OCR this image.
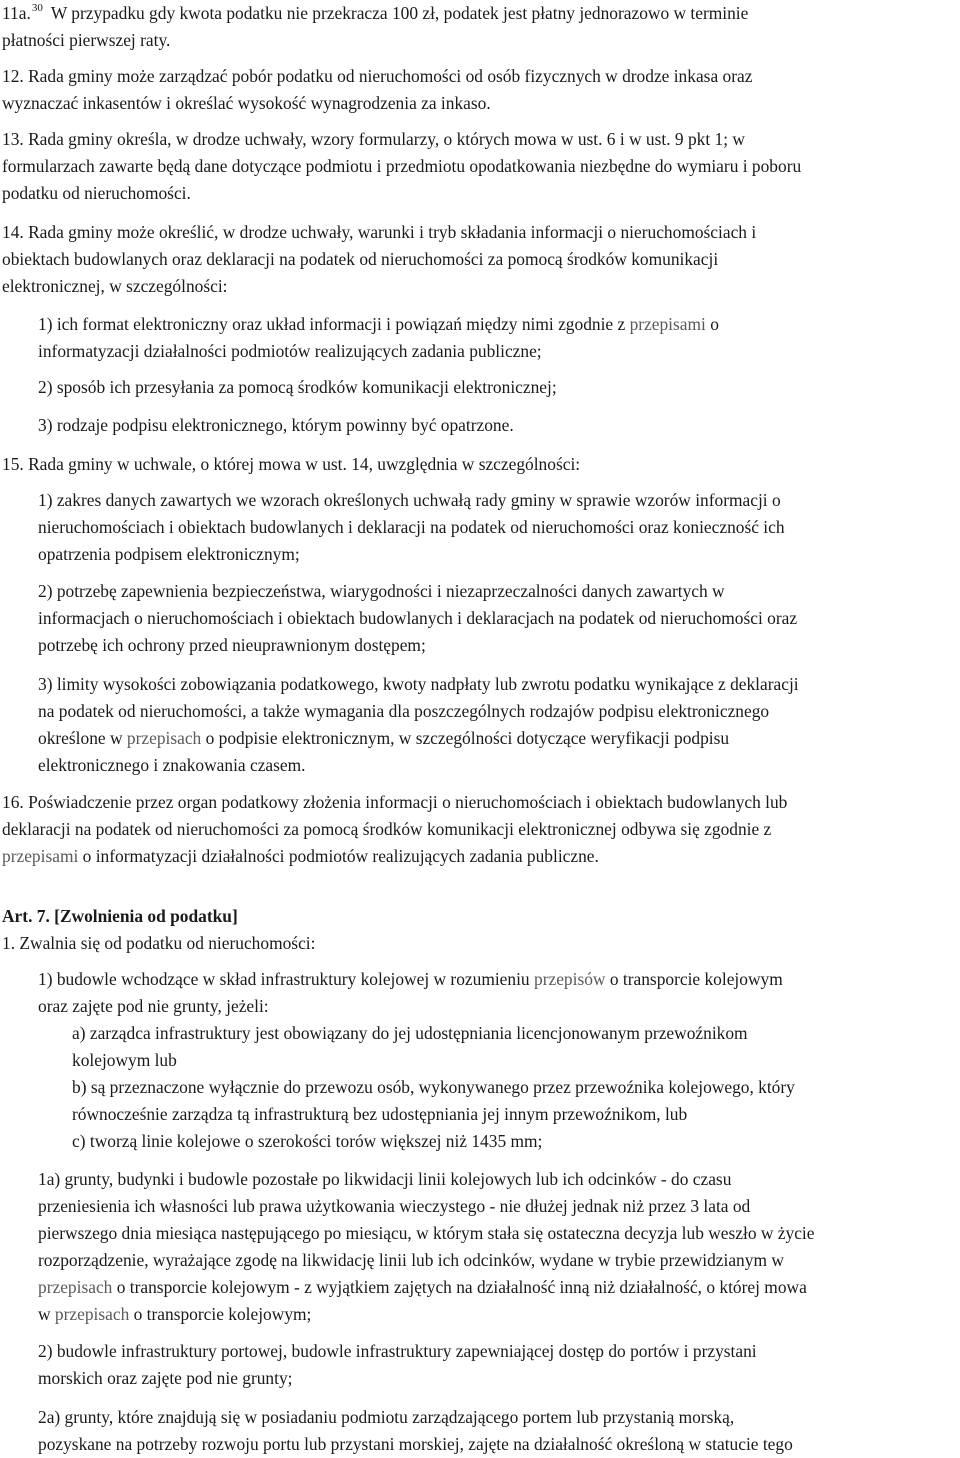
11a.$^{30}$ W przypadku gdy kwota podatku nie przekracza 100 zł, podatek jest płatny jednorazowo w terminie
płatności pierwszej raty.
12. Rada gminy może zarządzać pobór podatku od nieruchomości od osób fizycznych w drodze inkasa oraz
wyznaczać inkasentów i określać wysokość wynagrodzenia za inkaso.
13. Rada gminy określa, w drodze uchwały, wzory formularzy, o których mowa w ust. 6 i w ust. 9 pkt 1; w
formularzach zawarte będą dane dotyczące podmiotu i przedmiotu opodatkowania niezbędne do wymiaru i poboru
podatku od nieruchomości.
14. Rada gminy może określić, w drodze uchwały, warunki i tryb składania informacji o nieruchomościach i
obiektach budowlanych oraz deklaracji na podatek od nieruchomości za pomocą środków komunikacji
elektronicznej, w szczególności:
1) ich format elektroniczny oraz układ informacji i powiązań między nimi zgodnie z przepisami o
informatyzacji działalności podmiotów realizujących zadania publiczne;
2) sposób ich przesyłania za pomocą środków komunikacji elektronicznej;
3) rodzaje podpisu elektronicznego, którym powinny być opatrzone.
15. Rada gminy w uchwale, o której mowa w ust. 14, uwzględnia w szczególności:
1) zakres danych zawartych we wzorach określonych uchwałą rady gminy w sprawie wzorów informacji o
nieruchomościach i obiektach budowlanych i deklaracji na podatek od nieruchomości oraz konieczność ich
opatrzenia podpisem elektronicznym;
2) potrzebę zapewnienia bezpieczeństwa, wiarygodności i niezaprzeczalności danych zawartych w
informacjach o nieruchomościach i obiektach budowlanych i deklaracjach na podatek od nieruchomości oraz
potrzebę ich ochrony przed nieuprawnionym dostępem;
3) limity wysokości zobowiązania podatkowego, kwoty nadpłaty lub zwrotu podatku wynikające z deklaracji
na podatek od nieruchomości, a także wymagania dla poszczególnych rodzajów podpisu elektronicznego
określone w przepisach o podpisie elektronicznym, w szczególności dotyczące weryfikacji podpisu
elektronicznego i znakowania czasem.
16. Poświadczenie przez organ podatkowy złożenia informacji o nieruchomościach i obiektach budowlanych lub
deklaracji na podatek od nieruchomości za pomocą środków komunikacji elektronicznej odbywa się zgodnie z
przepisami o informatyzacji działalności podmiotów realizujących zadania publiczne.
Art. 7. [Zwolnienia od podatku]
1. Zwalnia się od podatku od nieruchomości:
1) budowle wchodzące w skład infrastruktury kolejowej w rozumieniu przepisów o transporcie kolejowym
oraz zajęte pod nie grunty, jeżeli:
a) zarządca infrastruktury jest obowiązany do jej udostępniania licencjonowanym przewoźnikom
kolejowym lub
b) są przeznaczone wyłącznie do przewozu osób, wykonywanego przez przewoźnika kolejowego, który
równocześnie zarządza tą infrastrukturą bez udostępniania jej innym przewoźnikom, lub
c) tworzą linie kolejowe o szerokości torów większej niż 1435 mm;
1a) grunty, budynki i budowle pozostałe po likwidacji linii kolejowych lub ich odcinków - do czasu
przeniesienia ich własności lub prawa użytkowania wieczystego - nie dłużej jednak niż przez 3 lata od
pierwszego dnia miesiąca następującego po miesiącu, w którym stała się ostateczna decyzja lub weszło w życie
rozporządzenie, wyrażające zgodę na likwidację linii lub ich odcinków, wydane w trybie przewidzianym w
przepisach o transporcie kolejowym - z wyjątkiem zajętych na działalność inną niż działalność, o której mowa
w przepisach o transporcie kolejowym;
2) budowle infrastruktury portowej, budowle infrastruktury zapewniającej dostęp do portów i przystani
morskich oraz zajęte pod nie grunty;
2a) grunty, które znajdują się w posiadaniu podmiotu zarządzającego portem lub przystanią morską,
pozyskane na potrzeby rozwoju portu lub przystani morskiej, zajęte na działalność określoną w statucie tego
